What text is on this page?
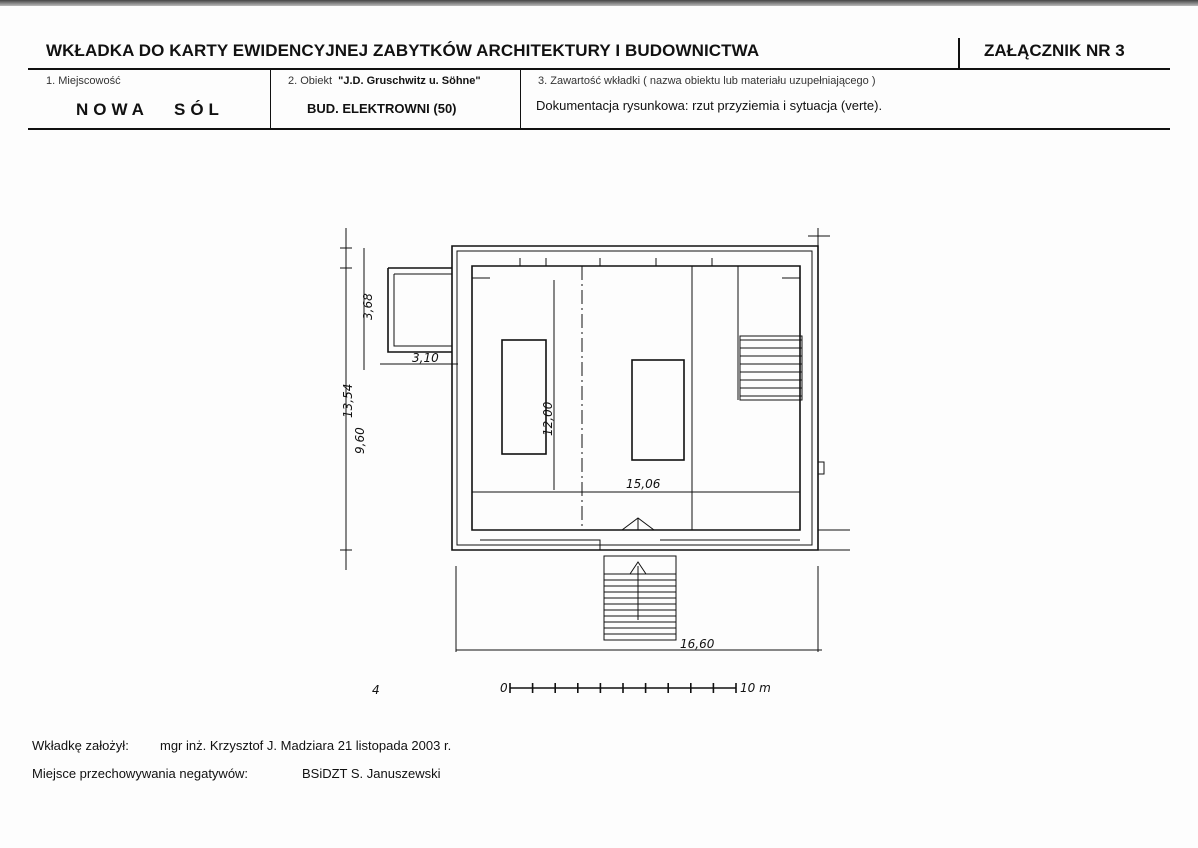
WKŁADKA DO KARTY EWIDENCYJNEJ ZABYTKÓW ARCHITEKTURY I BUDOWNICTWA	ZAŁĄCZNIK NR 3
1. Miejscowość
NOWA SÓL
2. Obiekt "J.D. Gruschwitz u. Söhne"
BUD. ELEKTROWNI (50)
3. Zawartość wkładki ( nazwa obiektu lub materiału uzupełniającego )
Dokumentacja rysunkowa: rzut przyziemia i sytuacja (verte).
13,54
3,68
9,60
3,10
12,00
15,06
16,60
0	10 m
4
Wkładkę założył: mgr inż. Krzysztof J. Madziara 21 listopada 2003 r.
Miejsce przechowywania negatywów:	BSiDZT S. Januszewski
